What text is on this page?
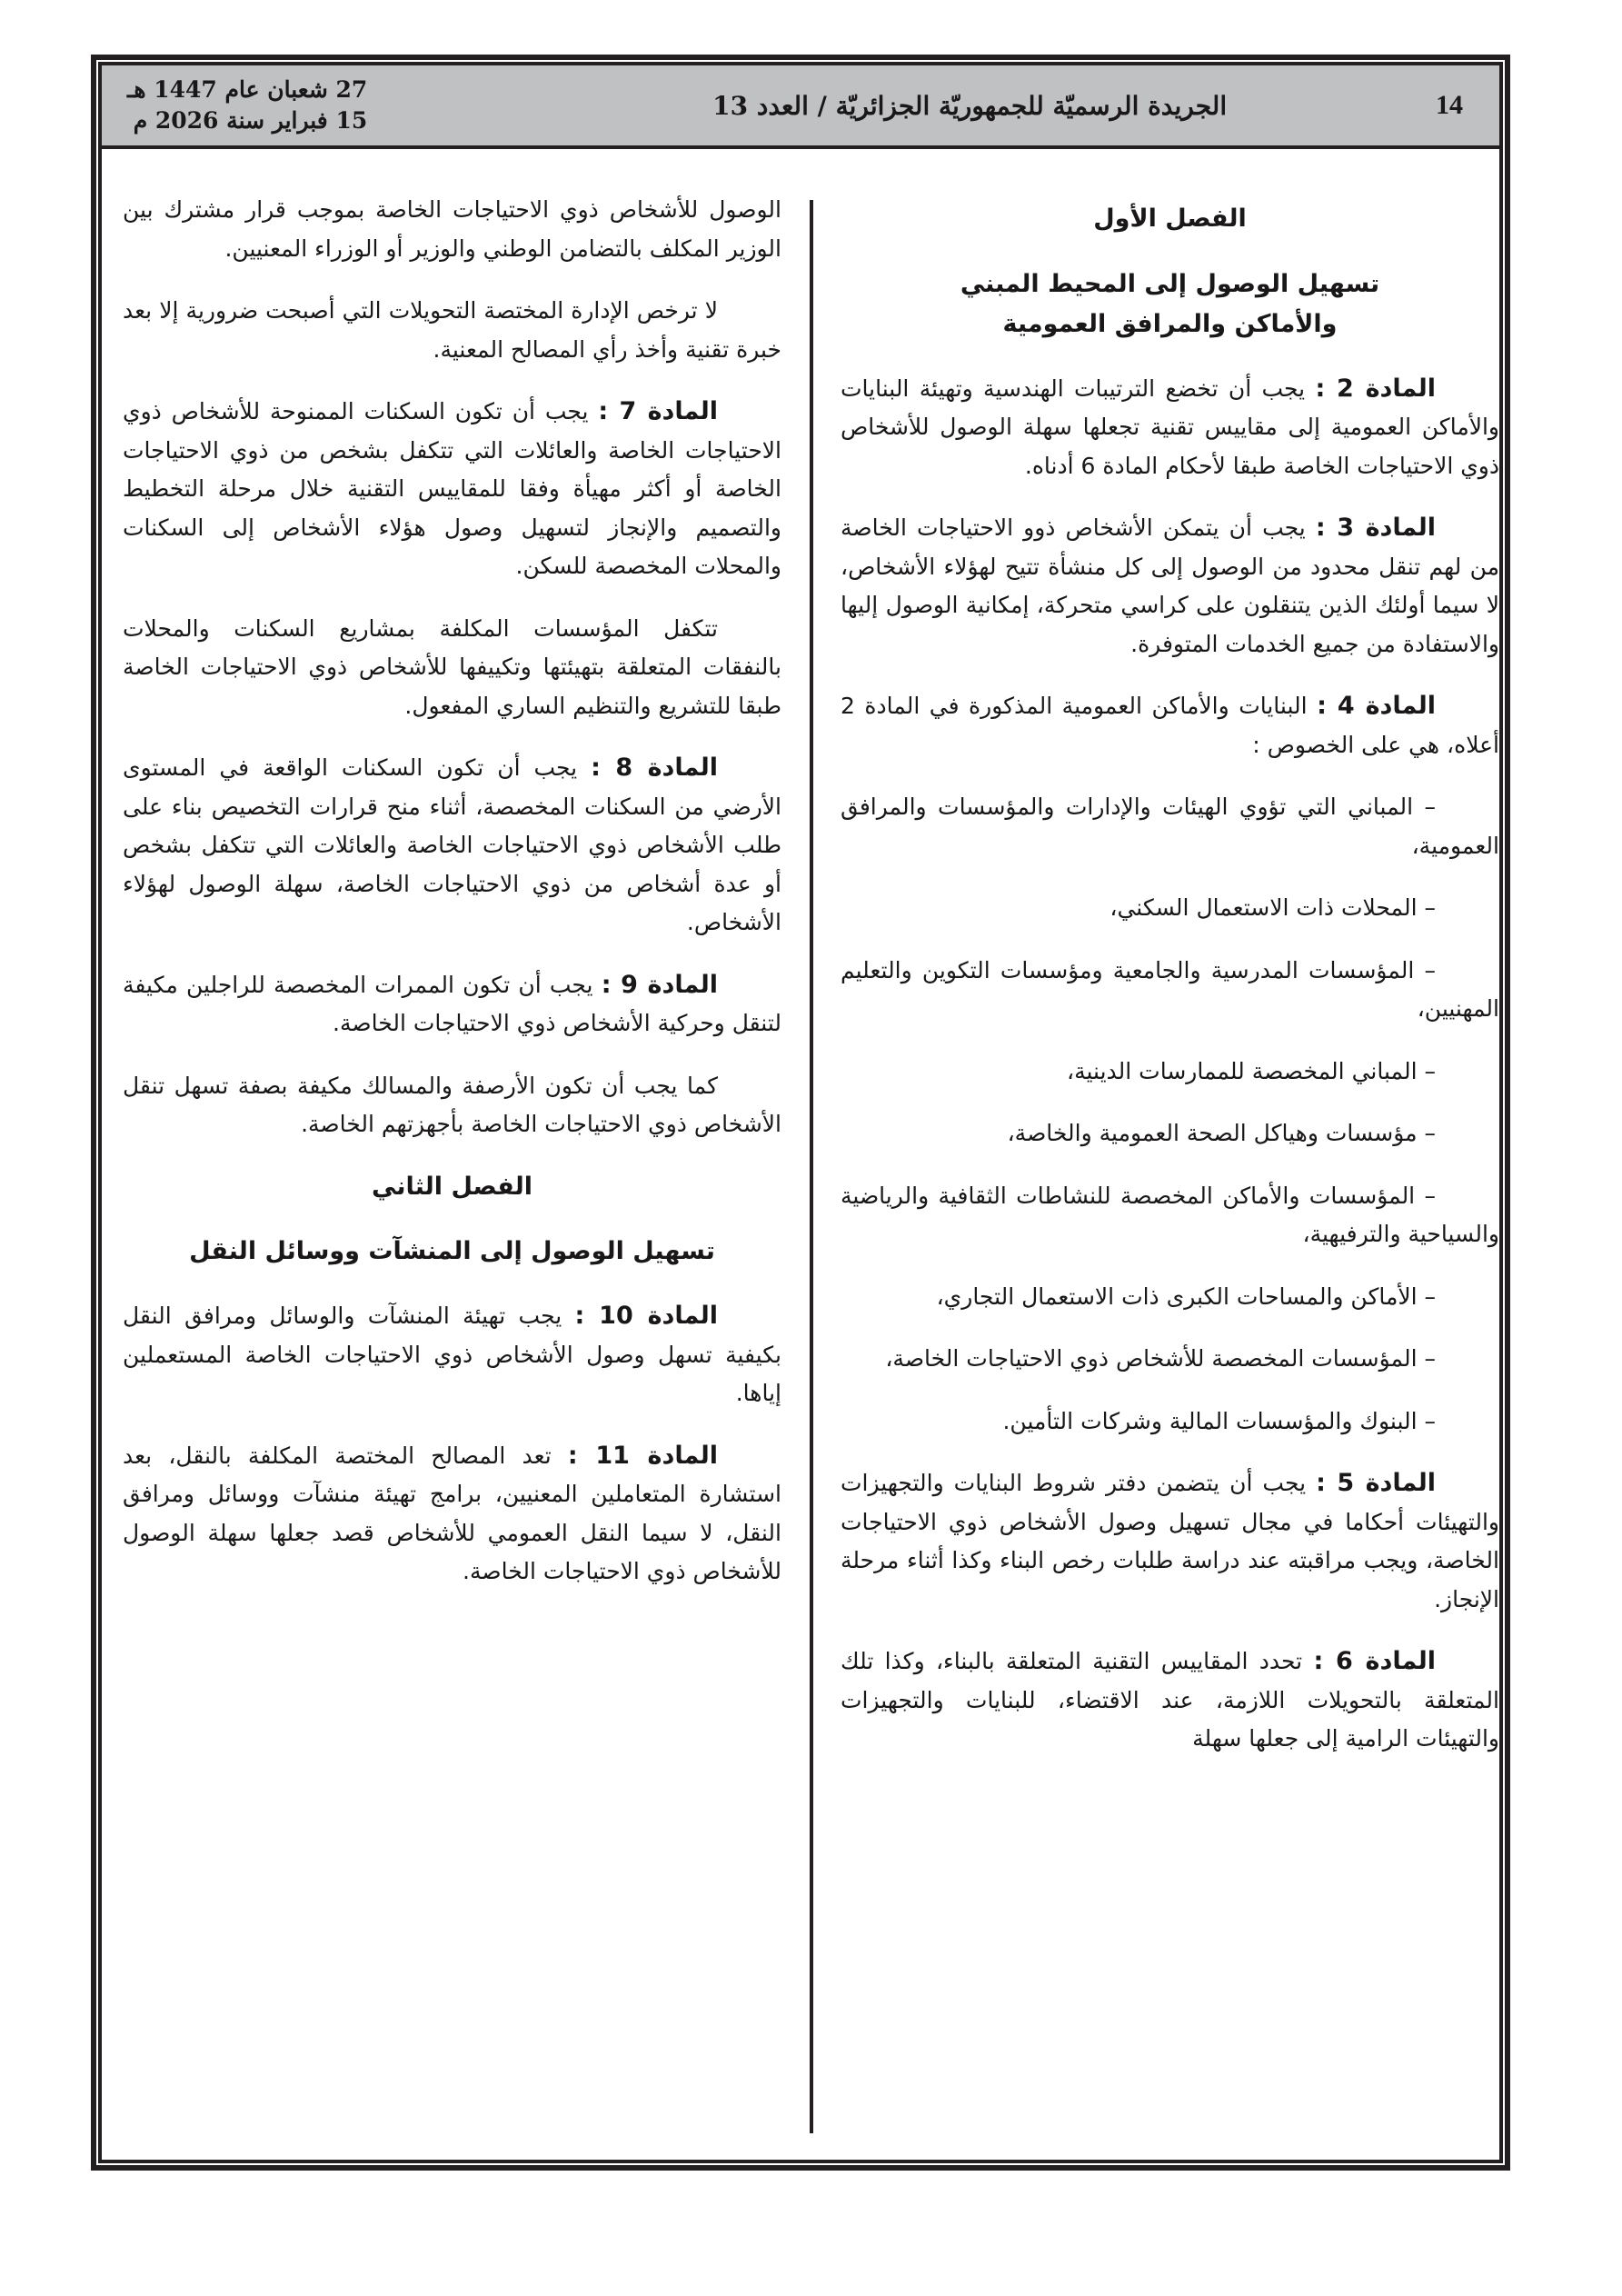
27 شعبان عام 1447 هـ
15 فبراير سنة 2026 م	الجريدة الرسميّة للجمهوريّة الجزائريّة / العدد 13	14
الفصل الأول
تسهيل الوصول إلى المحيط المبني
والأماكن والمرافق العمومية

المادة 2 : يجب أن تخضع الترتيبات الهندسية وتهيئة البنايات والأماكن العمومية إلى مقاييس تقنية تجعلها سهلة الوصول للأشخاص ذوي الاحتياجات الخاصة طبقا لأحكام المادة 6 أدناه.

المادة 3 : يجب أن يتمكن الأشخاص ذوو الاحتياجات الخاصة من لهم تنقل محدود من الوصول إلى كل منشأة تتيح لهؤلاء الأشخاص، لا سيما أولئك الذين يتنقلون على كراسي متحركة، إمكانية الوصول إليها والاستفادة من جميع الخدمات المتوفرة.

المادة 4 : البنايات والأماكن العمومية المذكورة في المادة 2 أعلاه، هي على الخصوص :

– المباني التي تؤوي الهيئات والإدارات والمؤسسات والمرافق العمومية،
– المحلات ذات الاستعمال السكني،
– المؤسسات المدرسية والجامعية ومؤسسات التكوين والتعليم المهنيين،
– المباني المخصصة للممارسات الدينية،
– مؤسسات وهياكل الصحة العمومية والخاصة،
– المؤسسات والأماكن المخصصة للنشاطات الثقافية والرياضية والسياحية والترفيهية،
– الأماكن والمساحات الكبرى ذات الاستعمال التجاري،
– المؤسسات المخصصة للأشخاص ذوي الاحتياجات الخاصة،
– البنوك والمؤسسات المالية وشركات التأمين.

المادة 5 : يجب أن يتضمن دفتر شروط البنايات والتجهيزات والتهيئات أحكاما في مجال تسهيل وصول الأشخاص ذوي الاحتياجات الخاصة، ويجب مراقبته عند دراسة طلبات رخص البناء وكذا أثناء مرحلة الإنجاز.

المادة 6 : تحدد المقاييس التقنية المتعلقة بالبناء، وكذا تلك المتعلقة بالتحويلات اللازمة، عند الاقتضاء، للبنايات والتجهيزات والتهيئات الرامية إلى جعلها سهلة

الوصول للأشخاص ذوي الاحتياجات الخاصة بموجب قرار مشترك بين الوزير المكلف بالتضامن الوطني والوزير أو الوزراء المعنيين.

لا ترخص الإدارة المختصة التحويلات التي أصبحت ضرورية إلا بعد خبرة تقنية وأخذ رأي المصالح المعنية.

المادة 7 : يجب أن تكون السكنات الممنوحة للأشخاص ذوي الاحتياجات الخاصة والعائلات التي تتكفل بشخص من ذوي الاحتياجات الخاصة أو أكثر مهيأة وفقا للمقاييس التقنية خلال مرحلة التخطيط والتصميم والإنجاز لتسهيل وصول هؤلاء الأشخاص إلى السكنات والمحلات المخصصة للسكن.

تتكفل المؤسسات المكلفة بمشاريع السكنات والمحلات بالنفقات المتعلقة بتهيئتها وتكييفها للأشخاص ذوي الاحتياجات الخاصة طبقا للتشريع والتنظيم الساري المفعول.

المادة 8 : يجب أن تكون السكنات الواقعة في المستوى الأرضي من السكنات المخصصة، أثناء منح قرارات التخصيص بناء على طلب الأشخاص ذوي الاحتياجات الخاصة والعائلات التي تتكفل بشخص أو عدة أشخاص من ذوي الاحتياجات الخاصة، سهلة الوصول لهؤلاء الأشخاص.

المادة 9 : يجب أن تكون الممرات المخصصة للراجلين مكيفة لتنقل وحركية الأشخاص ذوي الاحتياجات الخاصة.

كما يجب أن تكون الأرصفة والمسالك مكيفة بصفة تسهل تنقل الأشخاص ذوي الاحتياجات الخاصة بأجهزتهم الخاصة.

الفصل الثاني
تسهيل الوصول إلى المنشآت ووسائل النقل

المادة 10 : يجب تهيئة المنشآت والوسائل ومرافق النقل بكيفية تسهل وصول الأشخاص ذوي الاحتياجات الخاصة المستعملين إياها.

المادة 11 : تعد المصالح المختصة المكلفة بالنقل، بعد استشارة المتعاملين المعنيين، برامج تهيئة منشآت ووسائل ومرافق النقل، لا سيما النقل العمومي للأشخاص قصد جعلها سهلة الوصول للأشخاص ذوي الاحتياجات الخاصة.
